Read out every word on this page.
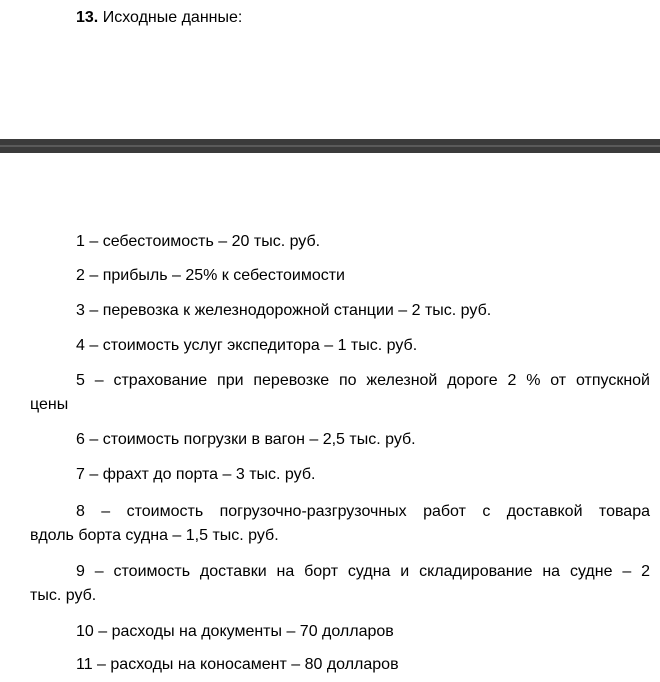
13. Исходные данные:
1 – себестоимость – 20 тыс. руб.
2 – прибыль – 25% к себестоимости
3 – перевозка к железнодорожной станции – 2 тыс. руб.
4 – стоимость услуг экспедитора – 1 тыс. руб.
5 – страхование при перевозке по железной дороге 2 % от отпускной
цены
6 – стоимость погрузки в вагон – 2,5 тыс. руб.
7 – фрахт до порта – 3 тыс. руб.
8 – стоимость погрузочно-разгрузочных работ с доставкой товара
вдоль борта судна – 1,5 тыс. руб.
9 – стоимость доставки на борт судна и складирование на судне – 2
тыс. руб.
10 – расходы на документы – 70 долларов
11 – расходы на коносамент – 80 долларов
